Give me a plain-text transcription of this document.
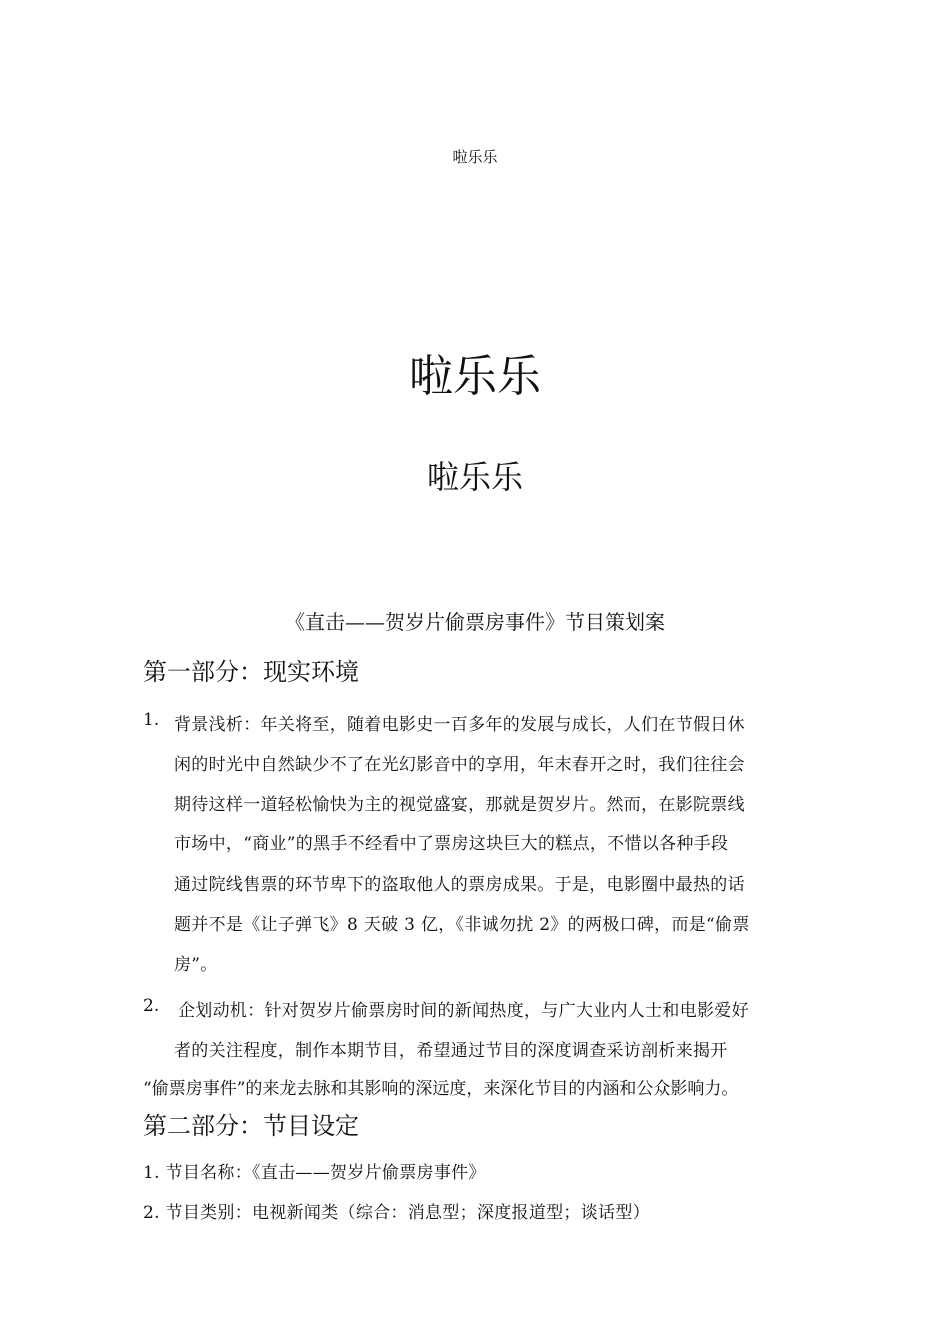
啦乐乐
啦乐乐
啦乐乐
《直击——贺岁片偷票房事件》节目策划案
第一部分：现实环境
1. 背景浅析：年关将至，随着电影史一百多年的发展与成长，人们在节假日休
闲的时光中自然缺少不了在光幻影音中的享用，年末春开之时，我们往往会
期待这样一道轻松愉快为主的视觉盛宴，那就是贺岁片。然而，在影院票线
市场中，“商业”的黑手不经看中了票房这块巨大的糕点，不惜以各种手段
通过院线售票的环节卑下的盗取他人的票房成果。于是，电影圈中最热的话
题并不是《让子弹飞》8 天破 3 亿，《非诚勿扰 2》的两极口碑，而是“偷票
房”。
2. 企划动机：针对贺岁片偷票房时间的新闻热度，与广大业内人士和电影爱好
者的关注程度，制作本期节目，希望通过节目的深度调查采访剖析来揭开
“偷票房事件”的来龙去脉和其影响的深远度，来深化节目的内涵和公众影响力。
第二部分：节目设定
1. 节目名称：《直击——贺岁片偷票房事件》
2. 节目类别：电视新闻类（综合：消息型；深度报道型；谈话型）
